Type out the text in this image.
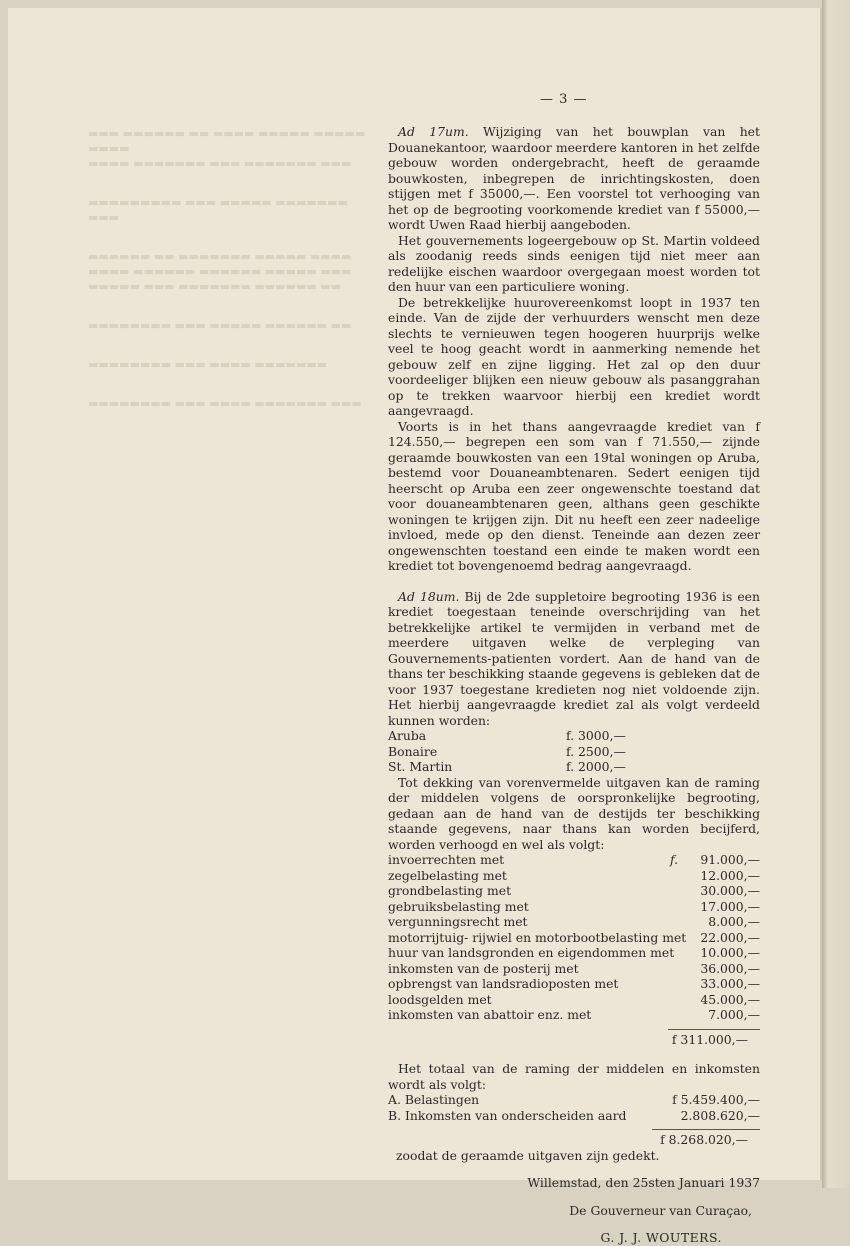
▬▬▬ ▬▬▬▬▬▬ ▬▬ ▬▬▬▬ ▬▬▬▬▬ ▬▬▬▬▬ ▬▬▬▬
▬▬▬▬ ▬▬▬▬▬▬▬ ▬▬▬ ▬▬▬▬▬▬▬ ▬▬▬
▬▬▬▬▬▬▬▬▬ ▬▬▬ ▬▬▬▬▬ ▬▬▬▬▬▬▬ ▬▬▬
▬▬▬▬▬▬ ▬▬ ▬▬▬▬▬▬▬ ▬▬▬▬▬ ▬▬▬▬
▬▬▬▬ ▬▬▬▬▬▬ ▬▬▬▬▬▬ ▬▬▬▬▬ ▬▬▬
▬▬▬▬▬ ▬▬▬ ▬▬▬▬▬▬▬ ▬▬▬▬▬▬ ▬▬
▬▬▬▬▬▬▬▬ ▬▬▬ ▬▬▬▬▬ ▬▬▬▬▬▬ ▬▬
▬▬▬▬▬▬▬▬ ▬▬▬ ▬▬▬▬ ▬▬▬▬▬▬▬
▬▬▬▬▬▬▬▬ ▬▬▬ ▬▬▬▬ ▬▬▬▬▬▬▬ ▬▬▬
— 3 —

Ad 17um. Wijziging van het bouwplan van het Douanekantoor, waardoor meerdere kantoren in het zelfde gebouw worden ondergebracht, heeft de geraamde bouwkosten, inbegrepen de inrichtingskosten, doen stijgen met f 35000,—. Een voorstel tot verhooging van het op de begrooting voorkomende krediet van f 55000,— wordt Uwen Raad hierbij aangeboden.

Het gouvernements logeergebouw op St. Martin voldeed als zoodanig reeds sinds eenigen tijd niet meer aan redelijke eischen waardoor overgegaan moest worden tot den huur van een particuliere woning.

De betrekkelijke huurovereenkomst loopt in 1937 ten einde. Van de zijde der verhuurders wenscht men deze slechts te vernieuwen tegen hoogeren huurprijs welke veel te hoog geacht wordt in aanmerking nemende het gebouw zelf en zijne ligging. Het zal op den duur voordeeliger blijken een nieuw gebouw als pasanggrahan op te trekken waarvoor hierbij een krediet wordt aangevraagd.

Voorts is in het thans aangevraagde krediet van f 124.550,— begrepen een som van f 71.550,— zijnde geraamde bouwkosten van een 19tal woningen op Aruba, bestemd voor Douaneambtenaren. Sedert eenigen tijd heerscht op Aruba een zeer ongewenschte toestand dat voor douaneambtenaren geen, althans geen geschikte woningen te krijgen zijn. Dit nu heeft een zeer nadeelige invloed, mede op den dienst. Teneinde aan dezen zeer ongewenschten toestand een einde te maken wordt een krediet tot bovengenoemd bedrag aangevraagd.

Ad 18um. Bij de 2de suppletoire begrooting 1936 is een krediet toegestaan teneinde overschrijding van het betrekkelijke artikel te vermijden in verband met de meerdere uitgaven welke de verpleging van Gouvernements-patienten vordert. Aan de hand van de thans ter beschikking staande gegevens is gebleken dat de voor 1937 toegestane kredieten nog niet voldoende zijn. Het hierbij aangevraagde krediet zal als volgt verdeeld kunnen worden:

Aruba	f. 3000,—
Bonaire	f. 2500,—
St. Martin	f. 2000,—

Tot dekking van vorenvermelde uitgaven kan de raming der middelen volgens de oorspronkelijke begrooting, gedaan aan de hand van de destijds ter beschikking staande gegevens, naar thans kan worden becijferd, worden verhoogd en wel als volgt:

invoerrechten met	f.	91.000,—
zegelbelasting met	12.000,—
grondbelasting met	30.000,—
gebruiksbelasting met	17.000,—
vergunningsrecht met	8.000,—
motorrijtuig- rijwiel en motorbootbelasting met	22.000,—
huur van landsgronden en eigendommen met	10.000,—
inkomsten van de posterij met	36.000,—
opbrengst van landsradioposten met	33.000,—
loodsgelden met	45.000,—
inkomsten van abattoir enz. met	7.000,—
f 311.000,—

Het totaal van de raming der middelen en inkomsten wordt als volgt:

A. Belastingen	f 5.459.400,—
B. Inkomsten van onderscheiden aard	2.808.620,—
f 8.268.020,—
zoodat de geraamde uitgaven zijn gedekt.
Willemstad, den 25sten Januari 1937
De Gouverneur van Curaçao,
G. J. J. WOUTERS.
